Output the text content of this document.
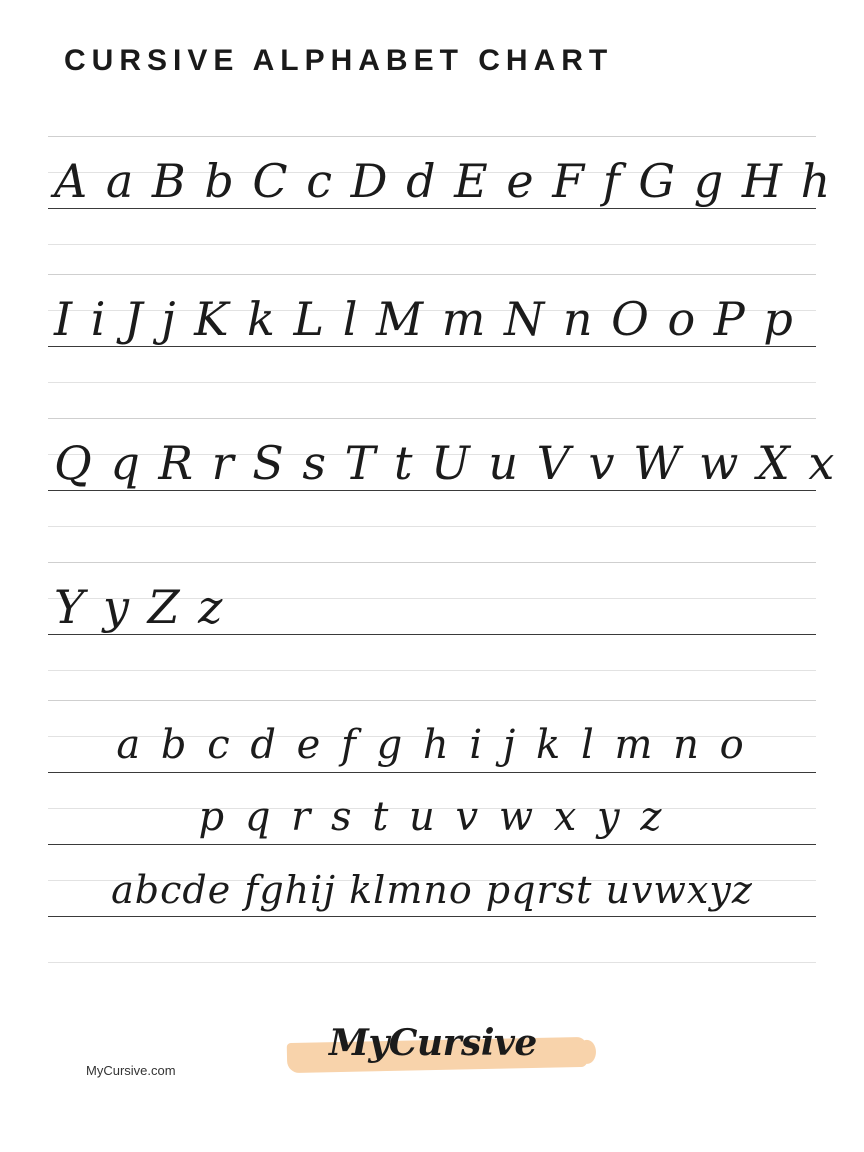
CURSIVE ALPHABET CHART
A a B b C c D d E e F f G g H h
I i J j K k L l M m N n O o P p
Q q R r S s T t U u V v W w X x
Y y Z z
a b c d e f g h i j k l m n o
p q r s t u v w x y z
abcde fghij klmno pqrst uvwxyz
MyCursive.com
MyCursive
